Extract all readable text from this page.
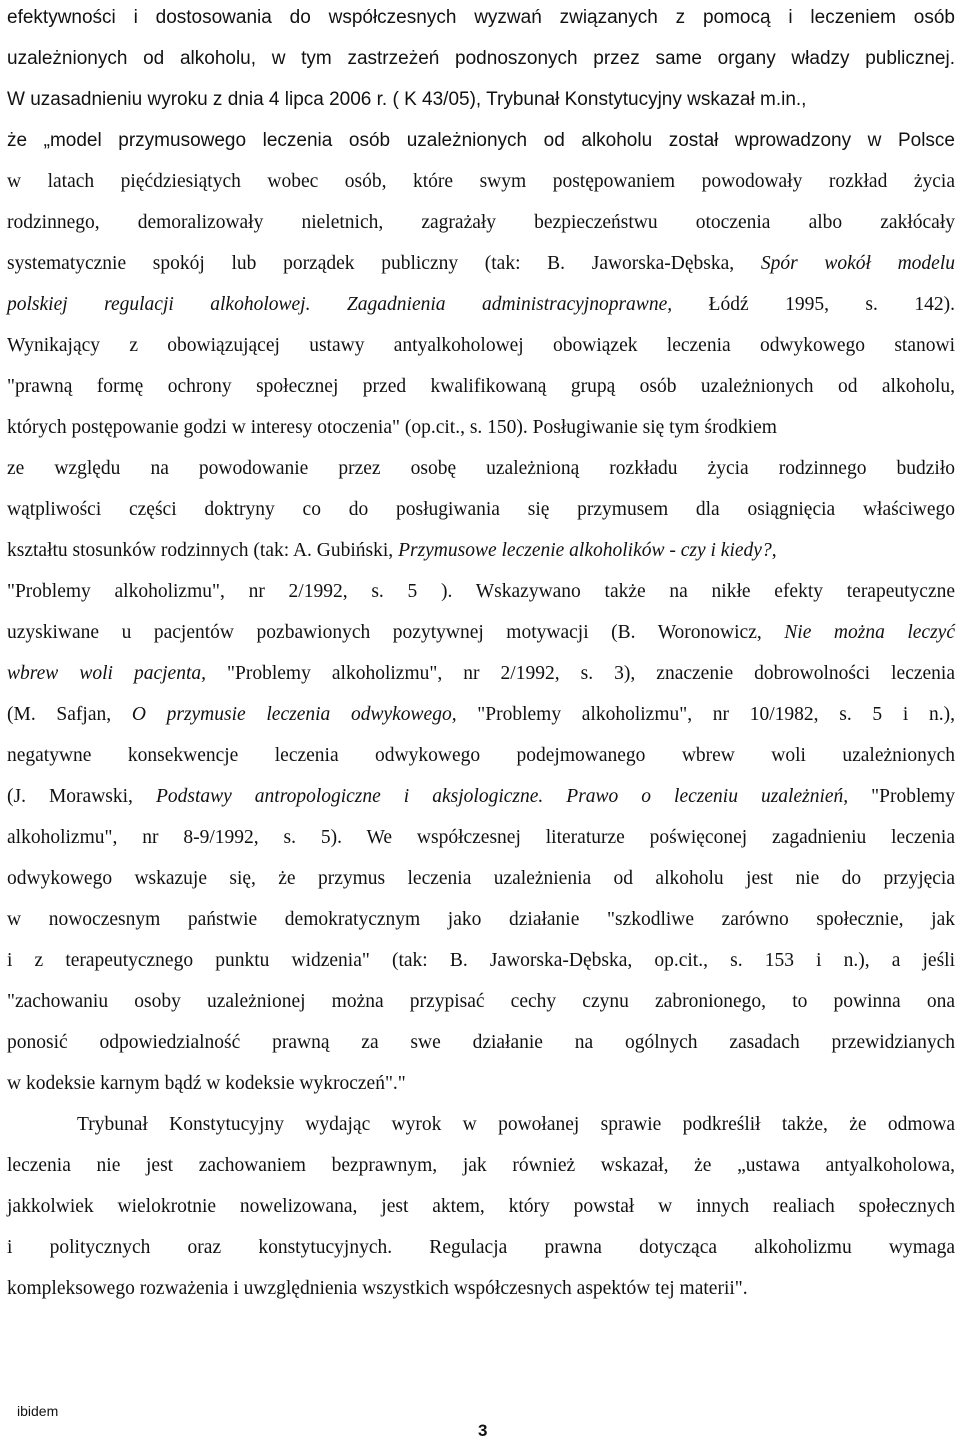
efektywności i dostosowania do współczesnych wyzwań związanych z pomocą i leczeniem osób
uzależnionych od alkoholu, w tym zastrzeżeń podnoszonych przez same organy władzy publicznej.
W uzasadnieniu wyroku z dnia 4 lipca 2006 r. ( K 43/05), Trybunał Konstytucyjny wskazał m.in.,
że „model przymusowego leczenia osób uzależnionych od alkoholu został wprowadzony w Polsce
w latach pięćdziesiątych wobec osób, które swym postępowaniem powodowały rozkład życia
rodzinnego, demoralizowały nieletnich, zagrażały bezpieczeństwu otoczenia albo zakłócały
systematycznie spokój lub porządek publiczny (tak: B. Jaworska-Dębska, Spór wokół modelu
polskiej regulacji alkoholowej. Zagadnienia administracyjnoprawne, Łódź 1995, s. 142).
Wynikający z obowiązującej ustawy antyalkoholowej obowiązek leczenia odwykowego stanowi
"prawną formę ochrony społecznej przed kwalifikowaną grupą osób uzależnionych od alkoholu,
których postępowanie godzi w interesy otoczenia" (op.cit., s. 150). Posługiwanie się tym środkiem
ze względu na powodowanie przez osobę uzależnioną rozkładu życia rodzinnego budziło
wątpliwości części doktryny co do posługiwania się przymusem dla osiągnięcia właściwego
kształtu stosunków rodzinnych (tak: A. Gubiński, Przymusowe leczenie alkoholików - czy i kiedy?,
"Problemy alkoholizmu", nr 2/1992, s. 5 ). Wskazywano także na nikłe efekty terapeutyczne
uzyskiwane u pacjentów pozbawionych pozytywnej motywacji (B. Woronowicz, Nie można leczyć
wbrew woli pacjenta, "Problemy alkoholizmu", nr 2/1992, s. 3), znaczenie dobrowolności leczenia
(M. Safjan, O przymusie leczenia odwykowego, "Problemy alkoholizmu", nr 10/1982, s. 5 i n.),
negatywne konsekwencje leczenia odwykowego podejmowanego wbrew woli uzależnionych
(J. Morawski, Podstawy antropologiczne i aksjologiczne. Prawo o leczeniu uzależnień, "Problemy
alkoholizmu", nr 8-9/1992, s. 5). We współczesnej literaturze poświęconej zagadnieniu leczenia
odwykowego wskazuje się, że przymus leczenia uzależnienia od alkoholu jest nie do przyjęcia
w nowoczesnym państwie demokratycznym jako działanie "szkodliwe zarówno społecznie, jak
i z terapeutycznego punktu widzenia" (tak: B. Jaworska-Dębska, op.cit., s. 153 i n.), a jeśli
"zachowaniu osoby uzależnionej można przypisać cechy czynu zabronionego, to powinna ona
ponosić odpowiedzialność prawną za swe działanie na ogólnych zasadach przewidzianych
w kodeksie karnym bądź w kodeksie wykroczeń"."
Trybunał Konstytucyjny wydając wyrok w powołanej sprawie podkreślił także, że odmowa
leczenia nie jest zachowaniem bezprawnym, jak również wskazał, że „ustawa antyalkoholowa,
jakkolwiek wielokrotnie nowelizowana, jest aktem, który powstał w innych realiach społecznych
i politycznych oraz konstytucyjnych. Regulacja prawna dotycząca alkoholizmu wymaga
kompleksowego rozważenia i uwzględnienia wszystkich współczesnych aspektów tej materii".
ibidem
3
